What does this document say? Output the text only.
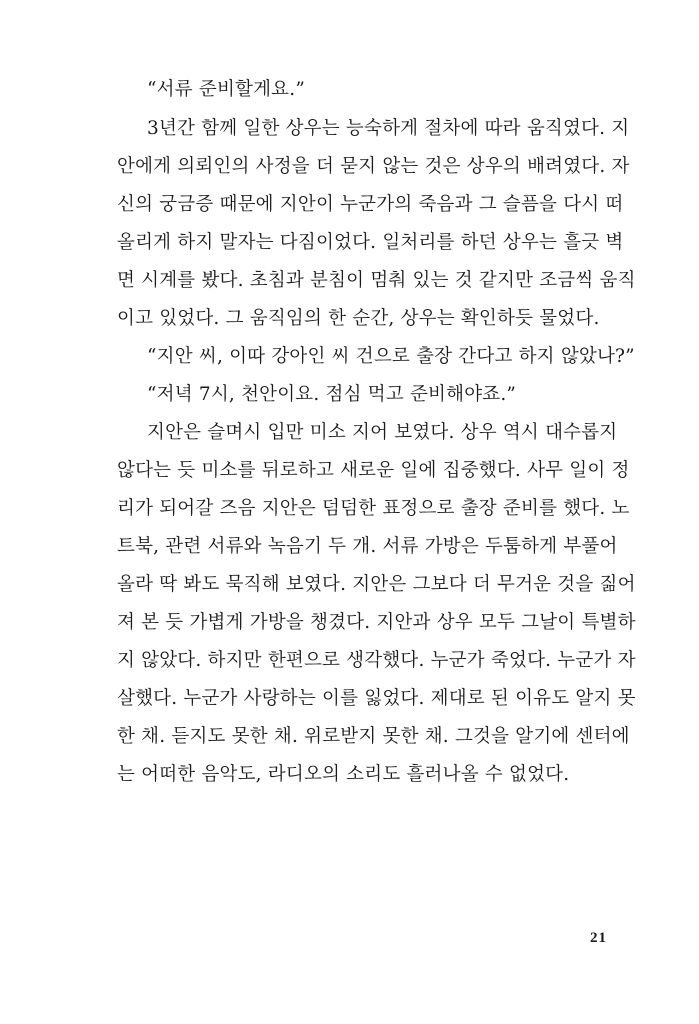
“서류 준비할게요.”
3년간 함께 일한 상우는 능숙하게 절차에 따라 움직였다. 지
안에게 의뢰인의 사정을 더 묻지 않는 것은 상우의 배려였다. 자
신의 궁금증 때문에 지안이 누군가의 죽음과 그 슬픔을 다시 떠
올리게 하지 말자는 다짐이었다. 일처리를 하던 상우는 흘긋 벽
면 시계를 봤다. 초침과 분침이 멈춰 있는 것 같지만 조금씩 움직
이고 있었다. 그 움직임의 한 순간, 상우는 확인하듯 물었다.
“지안 씨, 이따 강아인 씨 건으로 출장 간다고 하지 않았나?”
“저녁 7시, 천안이요. 점심 먹고 준비해야죠.”
지안은 슬며시 입만 미소 지어 보였다. 상우 역시 대수롭지
않다는 듯 미소를 뒤로하고 새로운 일에 집중했다. 사무 일이 정
리가 되어갈 즈음 지안은 덤덤한 표정으로 출장 준비를 했다. 노
트북, 관련 서류와 녹음기 두 개. 서류 가방은 두툼하게 부풀어
올라 딱 봐도 묵직해 보였다. 지안은 그보다 더 무거운 것을 짊어
져 본 듯 가볍게 가방을 챙겼다. 지안과 상우 모두 그날이 특별하
지 않았다. 하지만 한편으로 생각했다. 누군가 죽었다. 누군가 자
살했다. 누군가 사랑하는 이를 잃었다. 제대로 된 이유도 알지 못
한 채. 듣지도 못한 채. 위로받지 못한 채. 그것을 알기에 센터에
는 어떠한 음악도, 라디오의 소리도 흘러나올 수 없었다.
21
